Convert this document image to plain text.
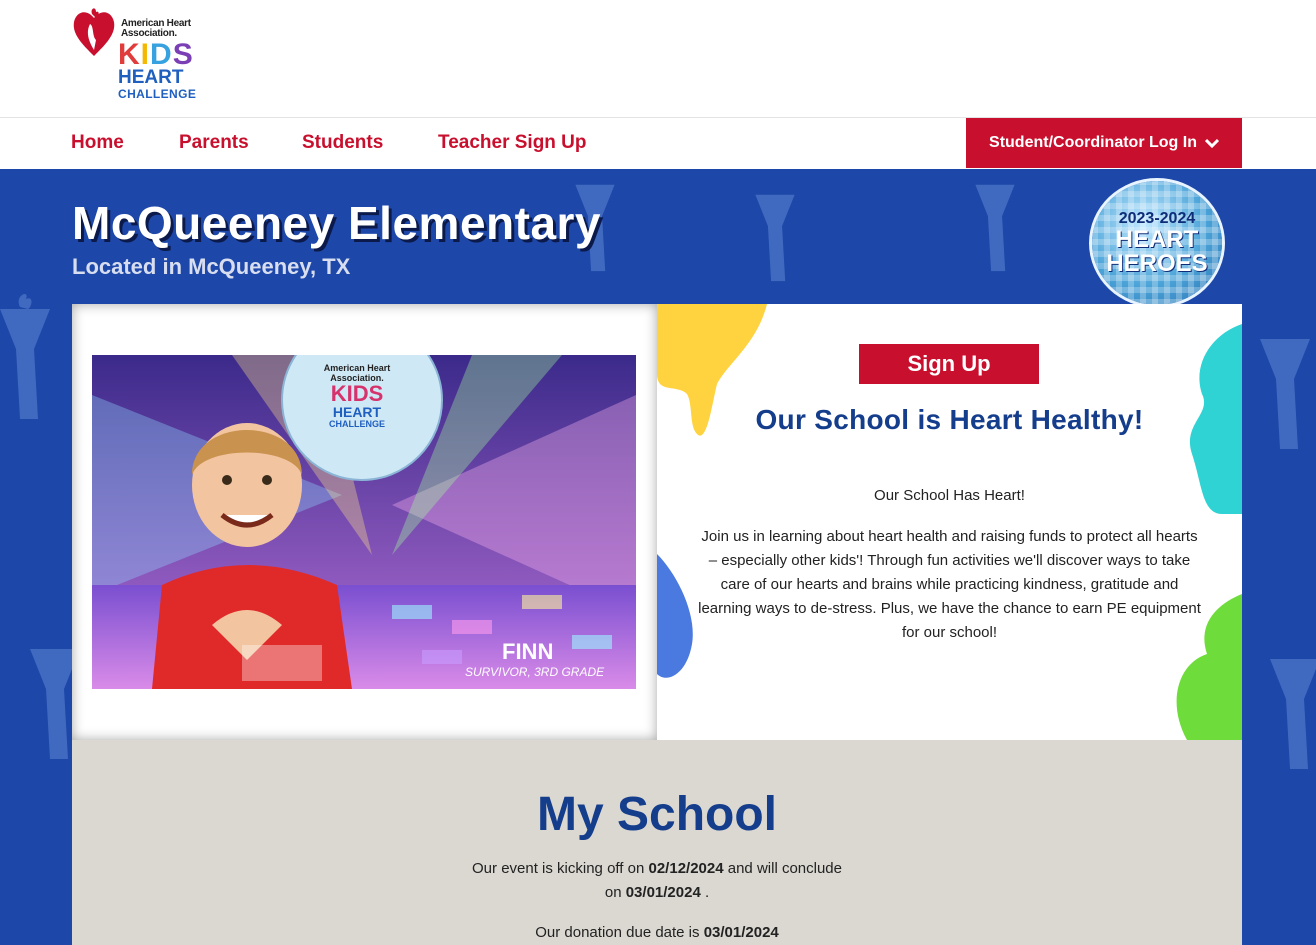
American Heart
Association.
KIDS
HEART
CHALLENGE
Home	Parents	Students	Teacher Sign Up	Student/Coordinator Log In
McQueeney Elementary
Located in McQueeney, TX
2023-2024
HEART
HEROES
American Heart
Association.
KIDS
HEART
CHALLENGE
FINN
SURVIVOR, 3RD GRADE
Sign Up
Our School is Heart Healthy!
Our School Has Heart!
Join us in learning about heart health and raising funds to protect all hearts – especially other kids'! Through fun activities we'll discover ways to take care of our hearts and brains while practicing kindness, gratitude and learning ways to de-stress. Plus, we have the chance to earn PE equipment for our school!
My School
Our event is kicking off on 02/12/2024 and will conclude on 03/01/2024 .
Our donation due date is 03/01/2024
